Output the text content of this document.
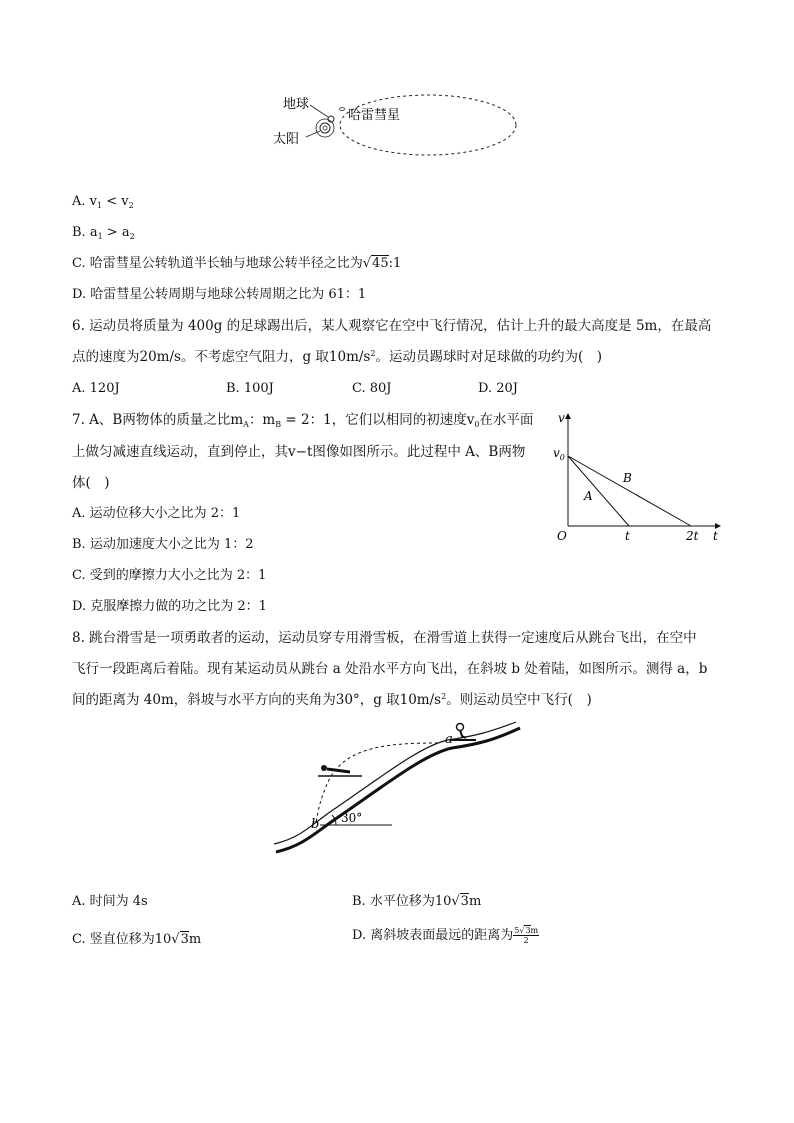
地球
哈雷彗星
太阳
A. $v_1 < v_2$
B. $a_1 > a_2$
C. 哈雷彗星公转轨道半长轴与地球公转半径之比为√45:1
D. 哈雷彗星公转周期与地球公转周期之比为 61：1
6. 运动员将质量为 400g 的足球踢出后，某人观察它在空中飞行情况，估计上升的最大高度是 5m，在最高
点的速度为20m/s。不考虑空气阻力，g 取$10m/s^2$。运动员踢球时对足球做的功约为(　)
A. 120J	B. 100J	C. 80J	D. 20J
7. A、B两物体的质量之比$m_A$：$m_B = 2$：1，它们以相同的初速度$v_0$在水平面
上做匀减速直线运动，直到停止，其v−t图像如图所示。此过程中 A、B两物
体(　)
A. 运动位移大小之比为 2：1
B. 运动加速度大小之比为 1：2
C. 受到的摩擦力大小之比为 2：1
D. 克服摩擦力做的功之比为 2：1
v
t
$v_0$
O	t	2t
A
B
8. 跳台滑雪是一项勇敢者的运动，运动员穿专用滑雪板，在滑雪道上获得一定速度后从跳台飞出，在空中
飞行一段距离后着陆。现有某运动员从跳台 a 处沿水平方向飞出，在斜坡 b 处着陆，如图所示。测得 a，b
间的距离为 40m，斜坡与水平方向的夹角为30°，g 取$10m/s^2$。则运动员空中飞行(　)
a
b 30°
A. 时间为 4s	B. 水平位移为10√3m
C. 竖直位移为10√3m	D. 离斜坡表面最远的距离为 $\frac{5√3m}{2}$
